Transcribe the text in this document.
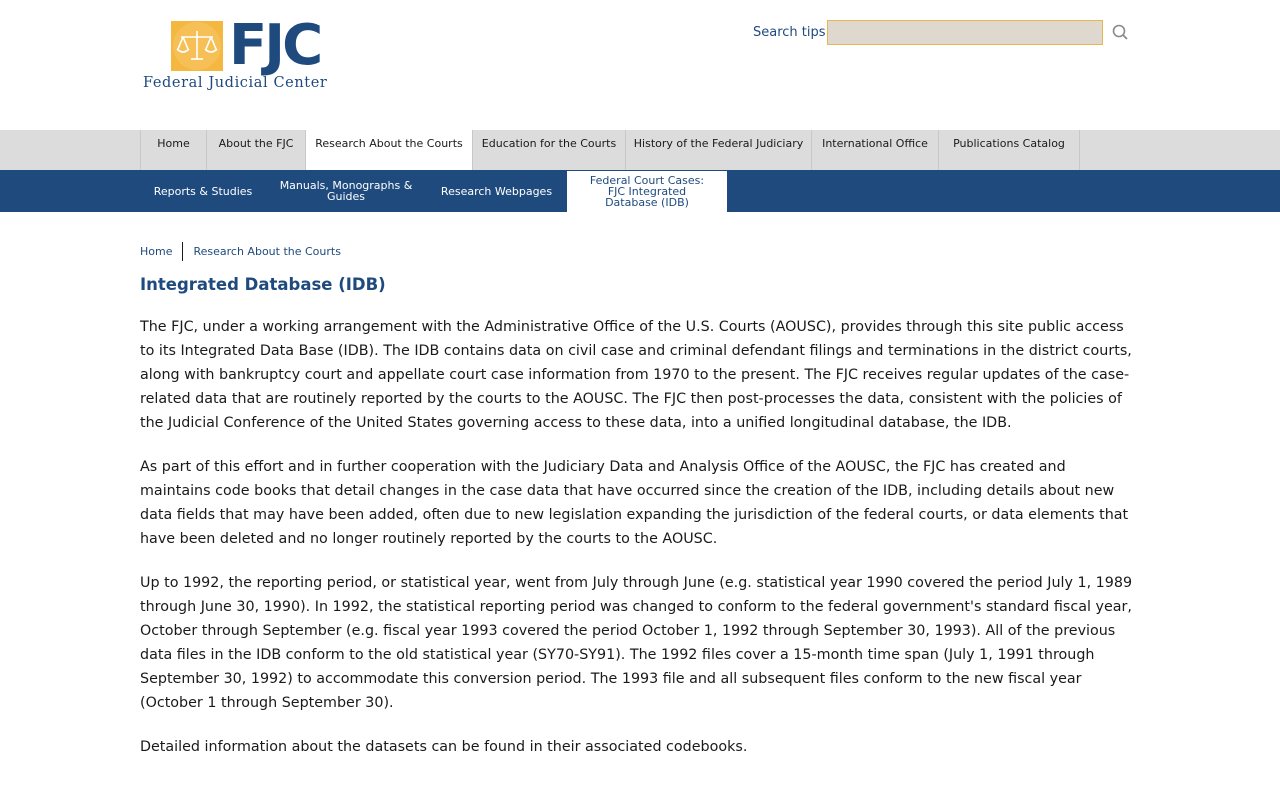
FJC
Federal Judicial Center
Search tips
Home	About the FJC	Research About the Courts	Education for the Courts	History of the Federal Judiciary	International Office	Publications Catalog
Reports & Studies Manuals, Monographs &
Guides	Research Webpages
Federal Court Cases:
FJC Integrated
Database (IDB)
Home Research About the Courts
Integrated Database (IDB)

The FJC, under a working arrangement with the Administrative Office of the U.S. Courts (AOUSC), provides through this site public access to its Integrated Data Base (IDB). The IDB contains data on civil case and criminal defendant filings and terminations in the district courts, along with bankruptcy court and appellate court case information from 1970 to the present. The FJC receives regular updates of the case-related data that are routinely reported by the courts to the AOUSC. The FJC then post-processes the data, consistent with the policies of the Judicial Conference of the United States governing access to these data, into a unified longitudinal database, the IDB.

As part of this effort and in further cooperation with the Judiciary Data and Analysis Office of the AOUSC, the FJC has created and maintains code books that detail changes in the case data that have occurred since the creation of the IDB, including details about new data fields that may have been added, often due to new legislation expanding the jurisdiction of the federal courts, or data elements that have been deleted and no longer routinely reported by the courts to the AOUSC.

Up to 1992, the reporting period, or statistical year, went from July through June (e.g. statistical year 1990 covered the period July 1, 1989 through June 30, 1990). In 1992, the statistical reporting period was changed to conform to the federal government's standard fiscal year, October through September (e.g. fiscal year 1993 covered the period October 1, 1992 through September 30, 1993). All of the previous data files in the IDB conform to the old statistical year (SY70-SY91). The 1992 files cover a 15-month time span (July 1, 1991 through September 30, 1992) to accommodate this conversion period. The 1993 file and all subsequent files conform to the new fiscal year (October 1 through September 30).

Detailed information about the datasets can be found in their associated codebooks.
